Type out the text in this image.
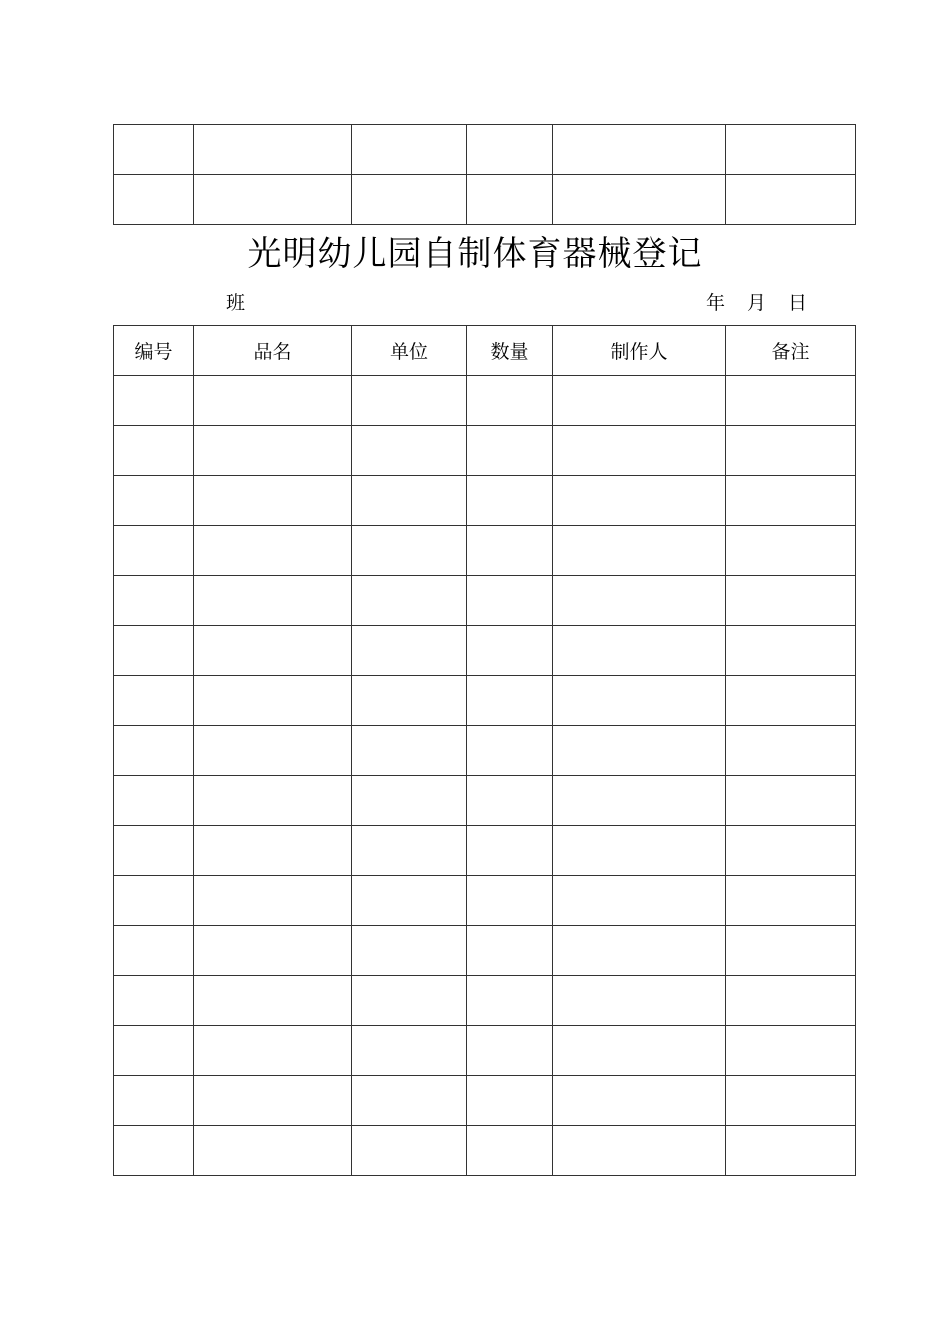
光明幼儿园自制体育器械登记
班	年 月 日
编号	品名	单位	数量	制作人	备注
